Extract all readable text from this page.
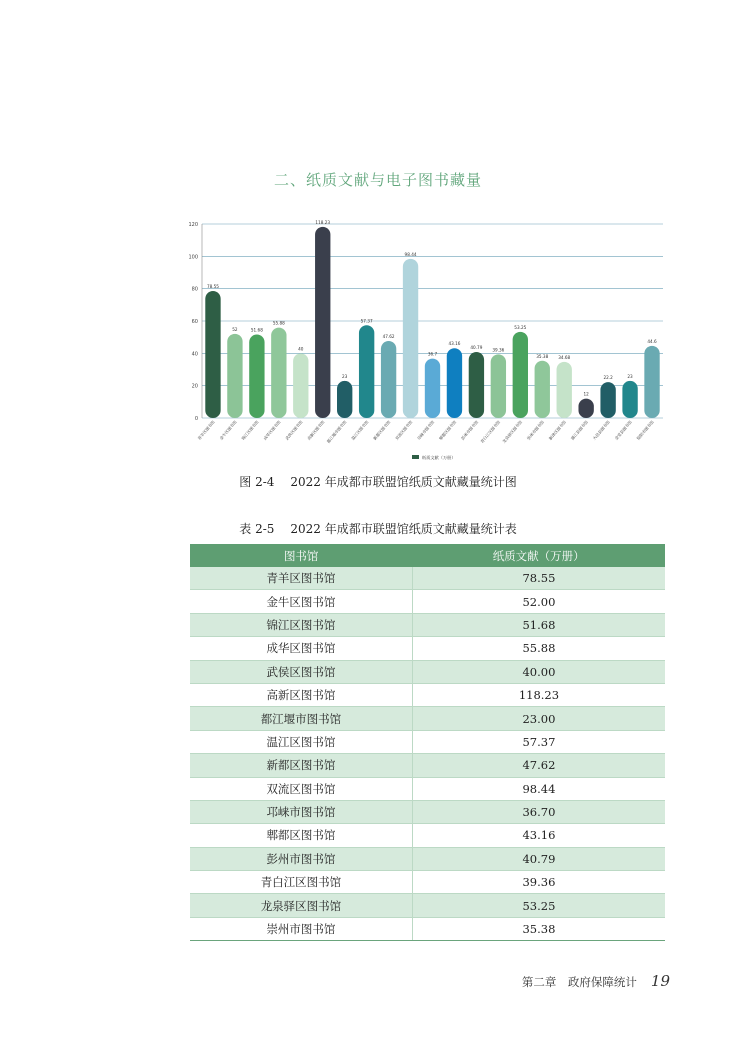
二、纸质文献与电子图书藏量
0
20
40
60
80
100
120
78.55
青羊区图书馆
52
金牛区图书馆
51.68
锦江区图书馆
55.88
成华区图书馆
40
武侯区图书馆
118.23
高新区图书馆
23
都江堰市图书馆
57.37
温江区图书馆
47.62
新都区图书馆
98.44
双流区图书馆
36.7
邛崃市图书馆
43.16
郫都区图书馆
40.79
彭州市图书馆
39.36
青白江区图书馆
53.25
龙泉驿区图书馆
35.38
崇州市图书馆
34.68
新津区图书馆
12
蒲江县图书馆
22.2
大邑县图书馆
23
金堂县图书馆
44.6
简阳市图书馆
纸质文献（万册）
图 2-4 2022 年成都市联盟馆纸质文献藏量统计图
表 2-5 2022 年成都市联盟馆纸质文献藏量统计表
图书馆	纸质文献（万册）
青羊区图书馆	78.55
金牛区图书馆	52.00
锦江区图书馆	51.68
成华区图书馆	55.88
武侯区图书馆	40.00
高新区图书馆	118.23
都江堰市图书馆	23.00
温江区图书馆	57.37
新都区图书馆	47.62
双流区图书馆	98.44
邛崃市图书馆	36.70
郫都区图书馆	43.16
彭州市图书馆	40.79
青白江区图书馆	39.36
龙泉驿区图书馆	53.25
崇州市图书馆	35.38
第二章　政府保障统计 19
